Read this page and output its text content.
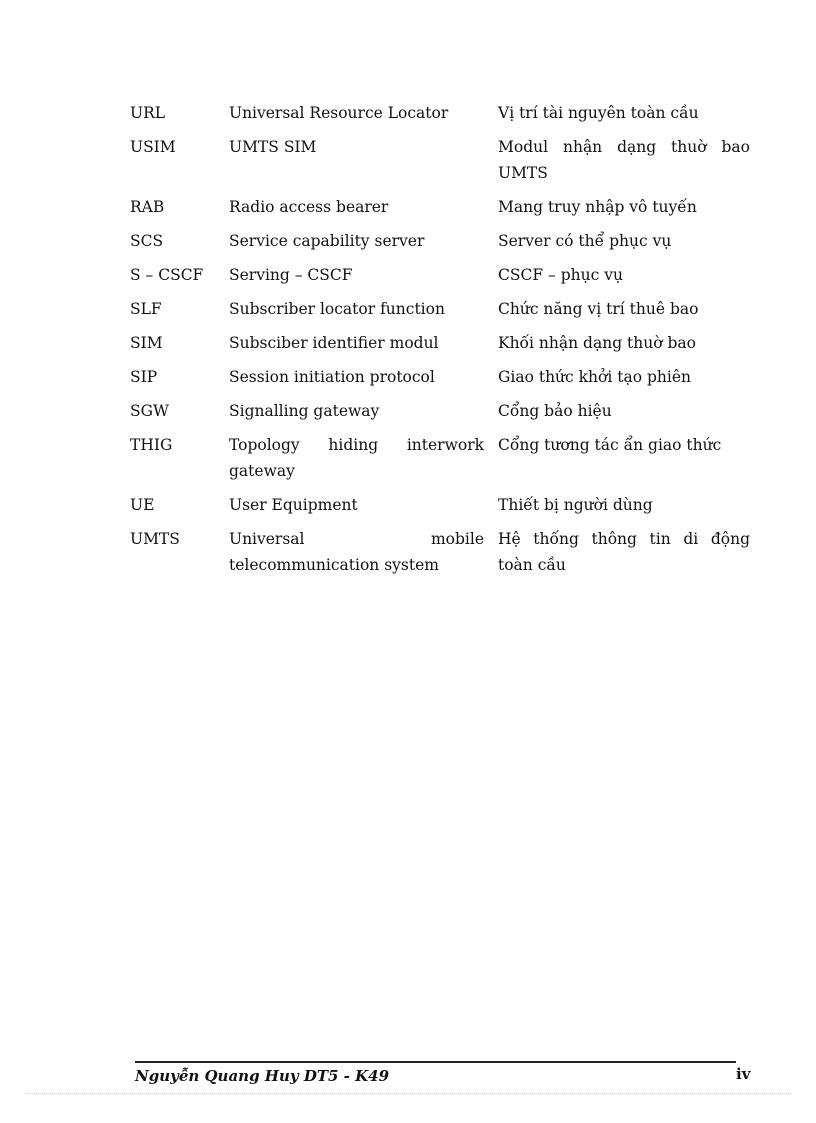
URL	Universal Resource Locator	Vị trí tài nguyên toàn cầu
USIM	UMTS SIM	Modul nhận dạng thuờ bao UMTS
RAB	Radio access bearer	Mang truy nhập vô tuyến
SCS	Service capability server	Server có thể phục vụ
S – CSCF	Serving – CSCF	CSCF – phục vụ
SLF	Subscriber locator function	Chức năng vị trí thuê bao
SIM	Subsciber identifier modul	Khối nhận dạng thuờ bao
SIP	Session initiation protocol	Giao thức khởi tạo phiên
SGW	Signalling gateway	Cổng bảo hiệu
THIG	Topology hiding interwork gateway	Cổng tương tác ẩn giao thức
UE	User Equipment	Thiết bị người dùng
UMTS	Universal mobile telecommunication system	Hệ thống thông tin di động toàn cầu
Nguyễn Quang Huy DT5 - K49	iv
